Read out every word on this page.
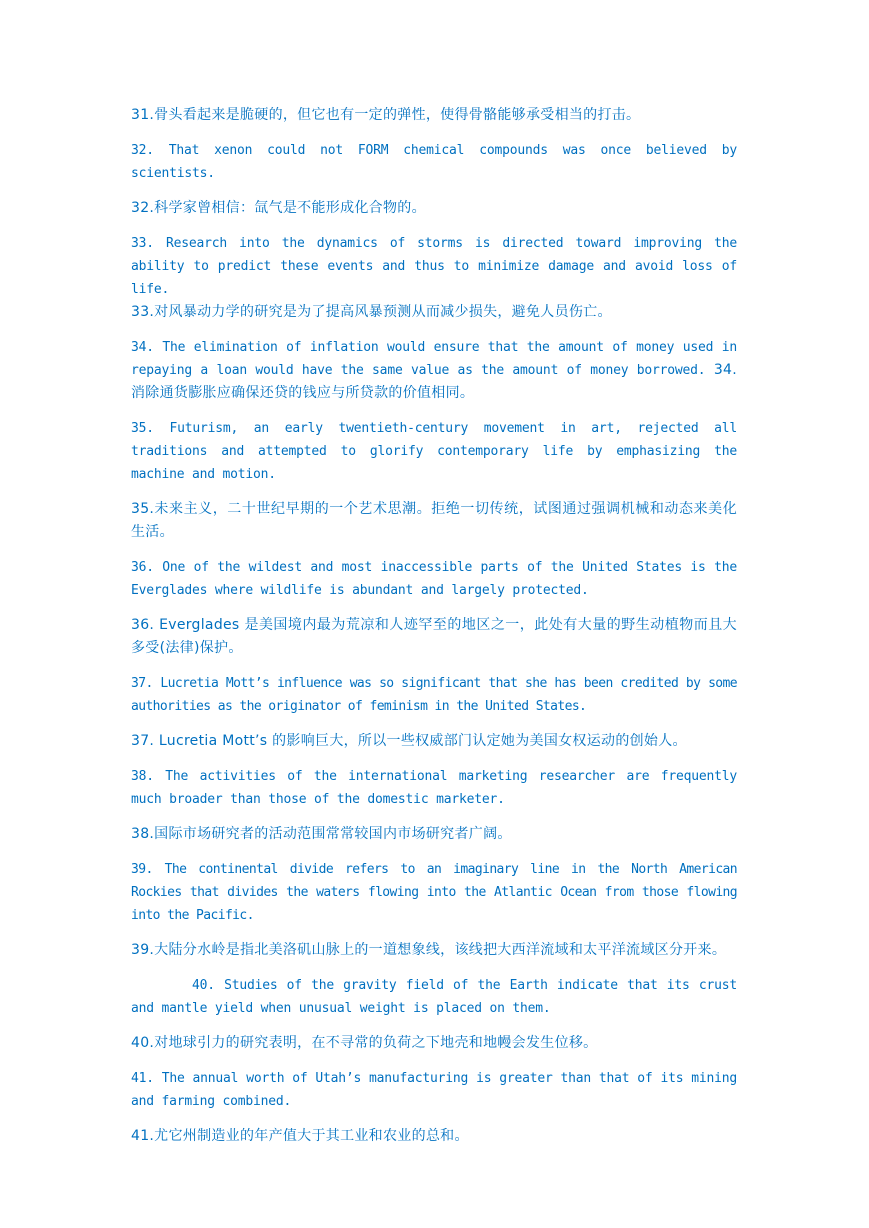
31.骨头看起来是脆硬的，但它也有一定的弹性，使得骨骼能够承受相当的打击。

32. That xenon could not FORM chemical compounds was once believed by scientists.

32.科学家曾相信：氙气是不能形成化合物的。

33. Research into the dynamics of storms is directed toward improving the ability to predict these events and thus to minimize damage and avoid loss of life.
33.对风暴动力学的研究是为了提高风暴预测从而减少损失，避免人员伤亡。
34. The elimination of inflation would ensure that the amount of money used in repaying a loan would have the same value as the amount of money borrowed. 34. 消除通货膨胀应确保还贷的钱应与所贷款的价值相同。

35. Futurism, an early twentieth-century movement in art, rejected all traditions and attempted to glorify contemporary life by emphasizing the machine and motion.

35.未来主义，二十世纪早期的一个艺术思潮。拒绝一切传统，试图通过强调机械和动态来美化生活。

36. One of the wildest and most inaccessible parts of the United States is the Everglades where wildlife is abundant and largely protected.

36. Everglades 是美国境内最为荒凉和人迹罕至的地区之一，此处有大量的野生动植物而且大多受(法律)保护。

37. Lucretia Mott’s influence was so significant that she has been credited by some authorities as the originator of feminism in the United States.

37. Lucretia Mott’s 的影响巨大，所以一些权威部门认定她为美国女权运动的创始人。

38. The activities of the international marketing researcher are frequently much broader than those of the domestic marketer.

38.国际市场研究者的活动范围常常较国内市场研究者广阔。

39. The continental divide refers to an imaginary line in the North American Rockies that divides the waters flowing into the Atlantic Ocean from those flowing into the Pacific.

39.大陆分水岭是指北美洛矶山脉上的一道想象线，该线把大西洋流域和太平洋流域区分开来。

40. Studies of the gravity field of the Earth indicate that its crust and mantle yield when unusual weight is placed on them.

40.对地球引力的研究表明，在不寻常的负荷之下地壳和地幔会发生位移。

41. The annual worth of Utah’s manufacturing is greater than that of its mining and farming combined.

41.尤它州制造业的年产值大于其工业和农业的总和。
